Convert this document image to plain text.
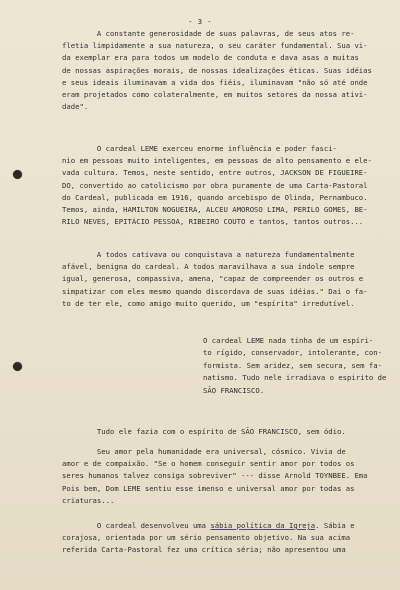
- 3 -

A constante generosidade de suas palavras, de seus atos re-
fletia limpidamente a sua natureza, o seu caráter fundamental. Sua vi-
da exemplar era para todos um modelo de conduta e dava asas a muitas
de nossas aspirações morais, de nossas idealizações éticas. Suas idéias
e seus ideais iluminavam a vida dos fiéis, iluminavam "não só até onde
eram projetados como colateralmente, em muitos setores da nossa ativi-
dade".
O cardeal LEME exerceu enorme influência e poder fasci-
nio em pessoas muito inteligentes, em pessoas de alto pensamento e ele-
vada cultura. Temos, neste sentido, entre outros, JACKSON DE FIGUEIRE-
DO, convertido ao catolicismo por obra puramente de uma Carta-Pastoral
do Cardeal, publicada em 1916, quando arcebispo de Olinda, Pernambuco.
Temos, ainda, HAMILTON NOGUEIRA, ALCEU AMOROSO LIMA, PERILO GOMES, BE-
RILO NEVES, EPITÁCIO PESSOA, RIBEIRO COUTO e tantos, tantos outros...
A todos cativava ou conquistava a natureza fundamentalmente
afável, benigna do cardeal. A todos maravilhava a sua índole sempre
igual, generosa, compassiva, amena, "capaz de compreender os outros e
simpatizar com eles mesmo quando discordava de suas idéias." Dai o fa-
to de ter ele, como amigo muito querido, um "espírita" irredutível.
O cardeal LEME nada tinha de um espíri-
to rígido, conservador, intolerante, con-
formista. Sem aridez, sem secura, sem fa-
natismo. Tudo nele irradiava o espirito de
SÃO FRANCISCO.
Tudo ele fazia com o espírito de SÃO FRANCISCO, sem ódio.
Seu amor pela humanidade era universal, cósmico. Vivia de
amor e de compaixão. "Se o homem conseguir sentir amor por todos os
seres humanos talvez consiga sobreviver" --- disse Arnold TOYNBEE. Ema
Pois bem, Dom LEME sentiu esse imenso e universal amor por todas as
criaturas...
O cardeal desenvolveu uma sábia política da Igreja. Sábia e
corajosa, orientada por um sério pensamento objetivo. Na sua acima
referida Carta-Pastoral fez uma crítica séria; não apresentou uma
